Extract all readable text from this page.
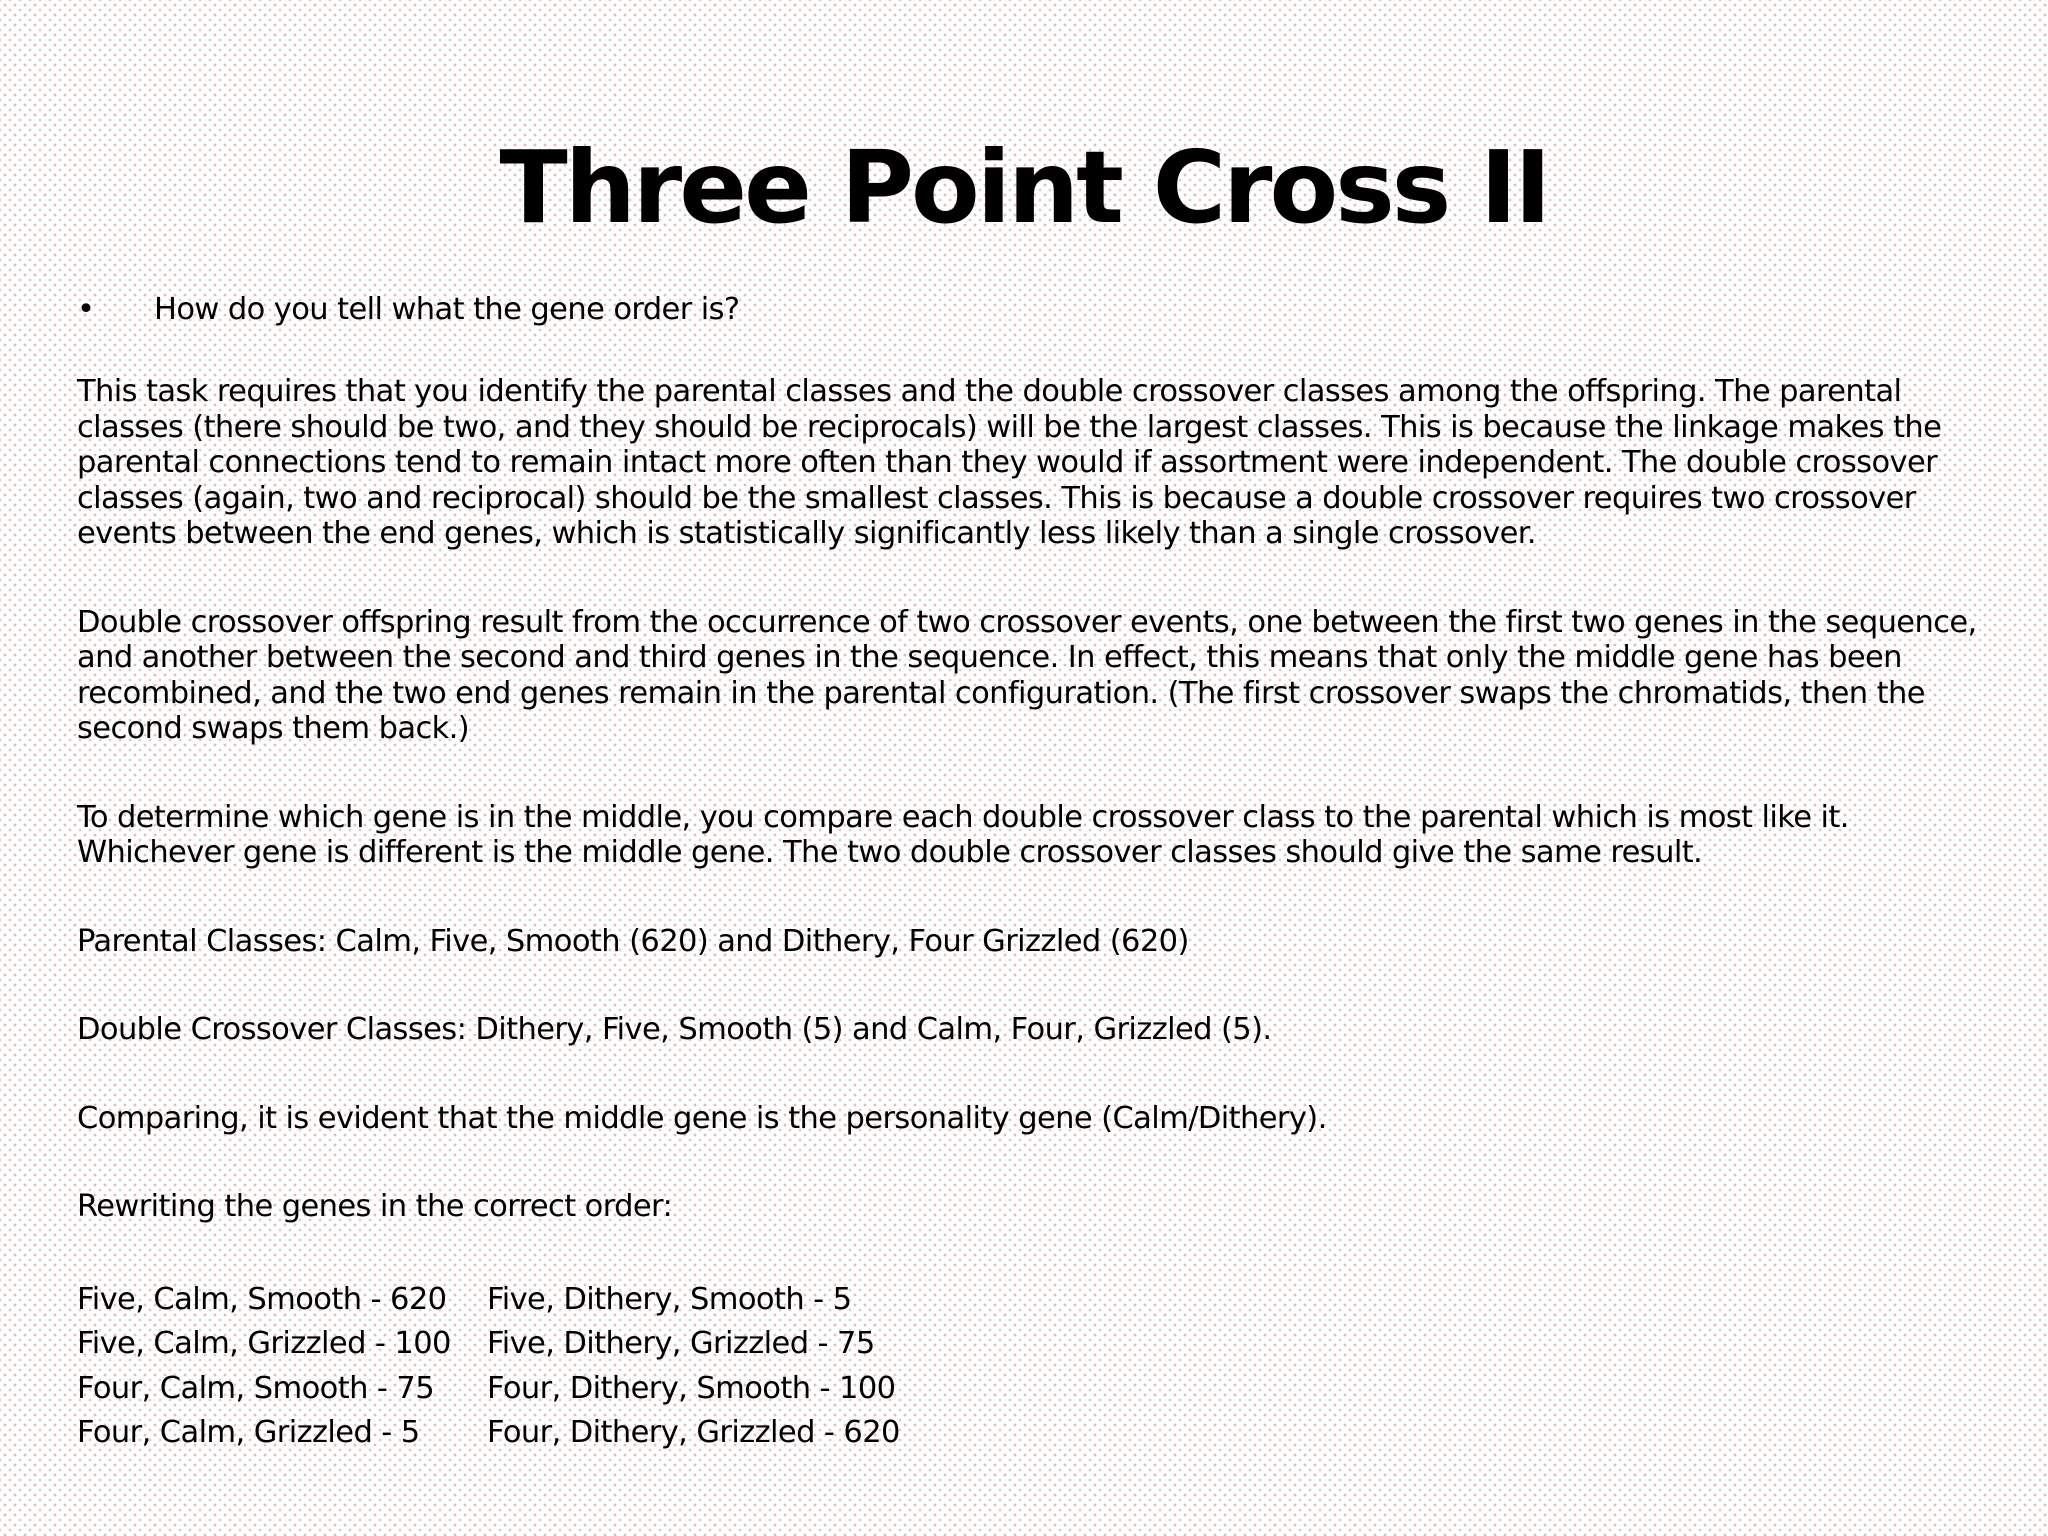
Three Point Cross II
•	How do you tell what the gene order is?

This task requires that you identify the parental classes and the double crossover classes among the offspring. The parental classes (there should be two, and they should be reciprocals) will be the largest classes. This is because the linkage makes the parental connections tend to remain intact more often than they would if assortment were independent. The double crossover classes (again, two and reciprocal) should be the smallest classes. This is because a double crossover requires two crossover events between the end genes, which is statistically significantly less likely than a single crossover.

Double crossover offspring result from the occurrence of two crossover events, one between the first two genes in the sequence, and another between the second and third genes in the sequence. In effect, this means that only the middle gene has been recombined, and the two end genes remain in the parental configuration. (The first crossover swaps the chromatids, then the second swaps them back.)

To determine which gene is in the middle, you compare each double crossover class to the parental which is most like it. Whichever gene is different is the middle gene. The two double crossover classes should give the same result.

Parental Classes: Calm, Five, Smooth (620) and Dithery, Four Grizzled (620)

Double Crossover Classes: Dithery, Five, Smooth (5) and Calm, Four, Grizzled (5).

Comparing, it is evident that the middle gene is the personality gene (Calm/Dithery).

Rewriting the genes in the correct order:

Five, Calm, Smooth - 620	Five, Dithery, Smooth - 5
Five, Calm, Grizzled - 100	Five, Dithery, Grizzled - 75
Four, Calm, Smooth - 75	Four, Dithery, Smooth - 100
Four, Calm, Grizzled - 5	Four, Dithery, Grizzled - 620
